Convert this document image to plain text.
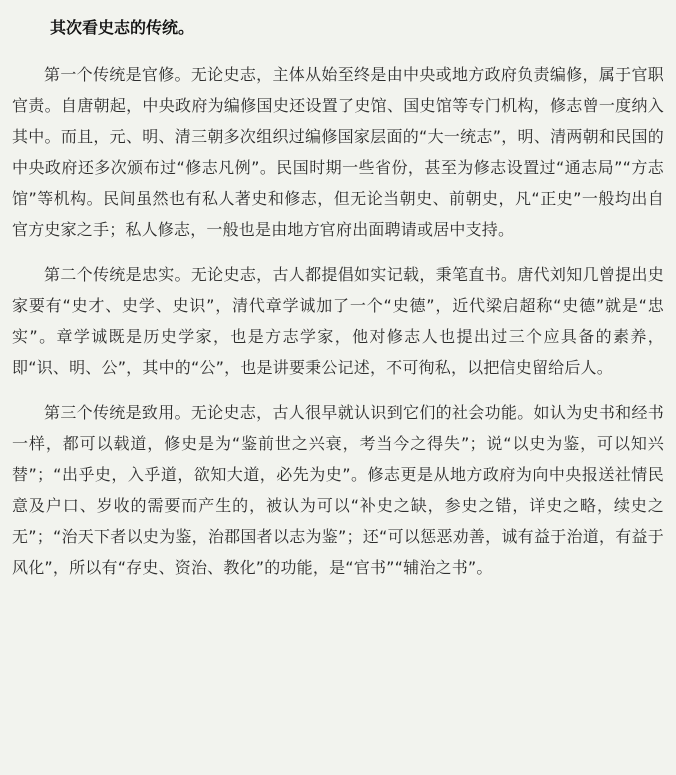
其次看史志的传统。

第一个传统是官修。无论史志，主体从始至终是由中央或地方政府负责编修，属于官职官责。自唐朝起，中央政府为编修国史还设置了史馆、国史馆等专门机构，修志曾一度纳入其中。而且，元、明、清三朝多次组织过编修国家层面的“大一统志”，明、清两朝和民国的中央政府还多次颁布过“修志凡例”。民国时期一些省份，甚至为修志设置过“通志局”“方志馆”等机构。民间虽然也有私人著史和修志，但无论当朝史、前朝史，凡“正史”一般均出自官方史家之手；私人修志，一般也是由地方官府出面聘请或居中支持。

第二个传统是忠实。无论史志，古人都提倡如实记载，秉笔直书。唐代刘知几曾提出史家要有“史才、史学、史识”，清代章学诚加了一个“史德”，近代梁启超称“史德”就是“忠实”。章学诚既是历史学家，也是方志学家，他对修志人也提出过三个应具备的素养，即“识、明、公”，其中的“公”，也是讲要秉公记述，不可徇私，以把信史留给后人。

第三个传统是致用。无论史志，古人很早就认识到它们的社会功能。如认为史书和经书一样，都可以载道，修史是为“鉴前世之兴衰，考当今之得失”；说“以史为鉴，可以知兴替”；“出乎史，入乎道，欲知大道，必先为史”。修志更是从地方政府为向中央报送社情民意及户口、岁收的需要而产生的，被认为可以“补史之缺，参史之错，详史之略，续史之无”；“治天下者以史为鉴，治郡国者以志为鉴”；还“可以惩恶劝善，诚有益于治道，有益于风化”，所以有“存史、资治、教化”的功能，是“官书”“辅治之书”。
